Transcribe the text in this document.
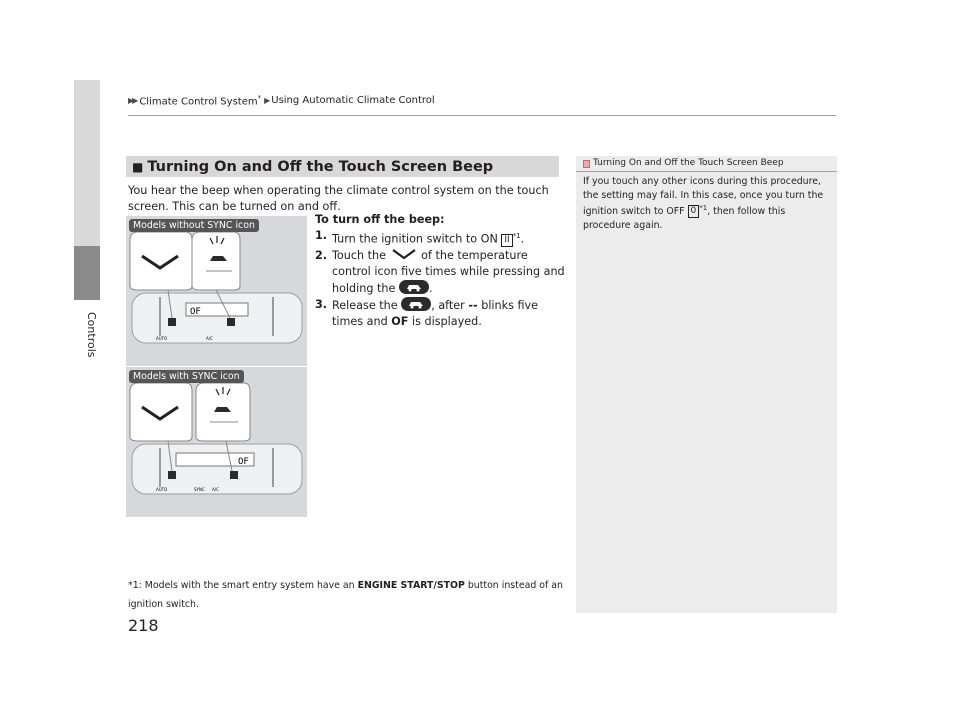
Controls
▶▶ Climate Control System* ▶ Using Automatic Climate Control
■ Turning On and Off the Touch Screen Beep
You hear the beep when operating the climate control system on the touch screen. This can be turned on and off.
To turn off the beep:
1. Turn the ignition switch to ON II $^{*1}$.
2. Touch the	of the temperature control icon five times while pressing and holding the	.
3. Release the	, after -- blinks five times and OF is displayed.
OF
AUTO	A/C
Models without SYNC icon
OF
AUTO	SYNC A/C
Models with SYNC icon
*1: Models with the smart entry system have an ENGINE START/STOP button instead of an ignition switch.
218
Turning On and Off the Touch Screen Beep
If you touch any other icons during this procedure, the setting may fail. In this case, once you turn the ignition switch to OFF 0 $^{*1}$, then follow this procedure again.
